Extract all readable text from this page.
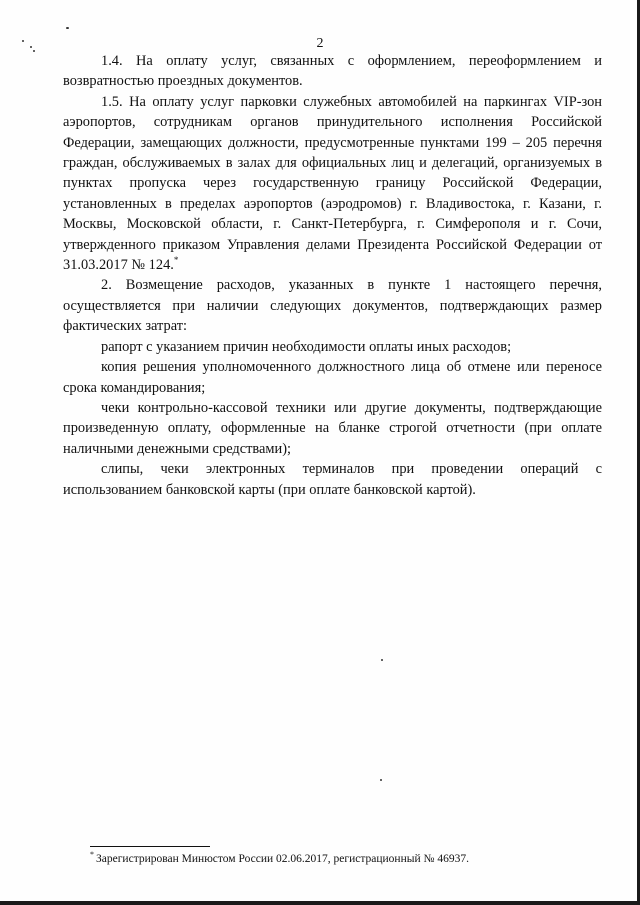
2

1.4. На оплату услуг, связанных с оформлением, переоформлением и возвратностью проездных документов.

1.5. На оплату услуг парковки служебных автомобилей на паркингах VIP-зон аэропортов, сотрудникам органов принудительного исполнения Российской Федерации, замещающих должности, предусмотренные пунктами 199 – 205 перечня граждан, обслуживаемых в залах для официальных лиц и делегаций, организуемых в пунктах пропуска через государственную границу Российской Федерации, установленных в пределах аэропортов (аэродромов) г. Владивостока, г. Казани, г. Москвы, Московской области, г. Санкт-Петербурга, г. Симферополя и г. Сочи, утвержденного приказом Управления делами Президента Российской Федерации от 31.03.2017 № 124.*

2. Возмещение расходов, указанных в пункте 1 настоящего перечня, осуществляется при наличии следующих документов, подтверждающих размер фактических затрат:

рапорт с указанием причин необходимости оплаты иных расходов;

копия решения уполномоченного должностного лица об отмене или переносе срока командирования;

чеки контрольно-кассовой техники или другие документы, подтверждающие произведенную оплату, оформленные на бланке строгой отчетности (при оплате наличными денежными средствами);

слипы, чеки электронных терминалов при проведении операций с использованием банковской карты (при оплате банковской картой).

* Зарегистрирован Минюстом России 02.06.2017, регистрационный № 46937.
